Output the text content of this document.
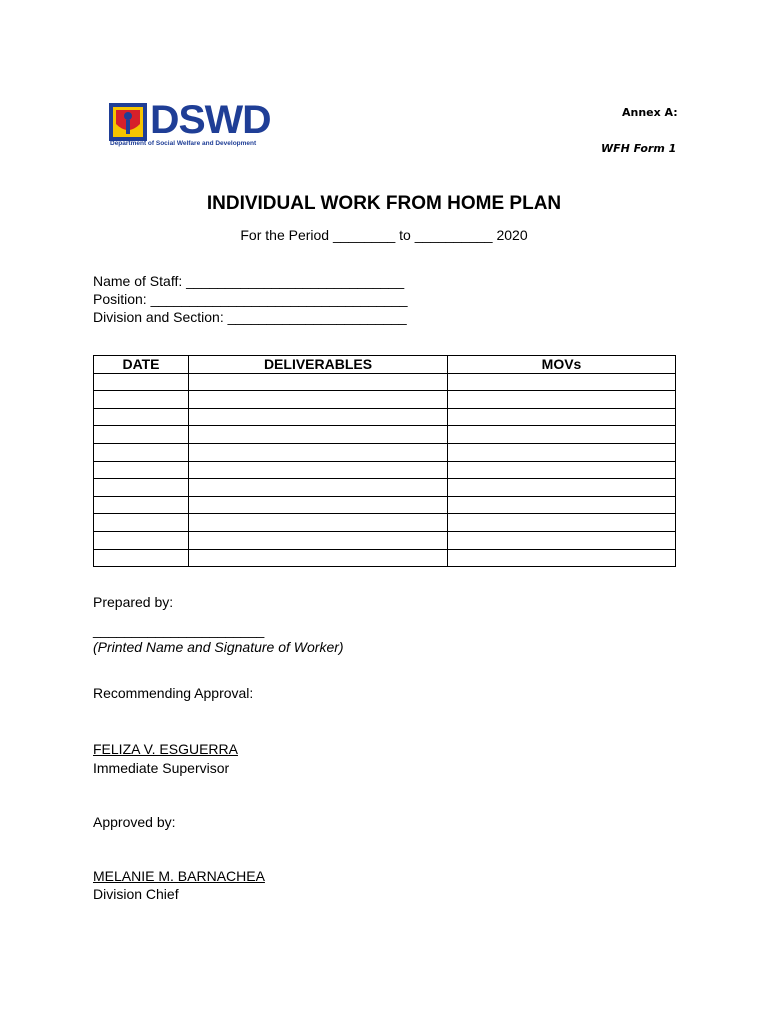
DSWD
Department of Social Welfare and Development
Annex A:
WFH Form 1
INDIVIDUAL WORK FROM HOME PLAN
For the Period ________ to __________ 2020
Name of Staff: ____________________________
Position: _________________________________
Division and Section: _______________________
DATE	DELIVERABLES	MOVs

Prepared by:
______________________
(Printed Name and Signature of Worker)
Recommending Approval:
FELIZA V. ESGUERRA
Immediate Supervisor
Approved by:
MELANIE M. BARNACHEA
Division Chief
